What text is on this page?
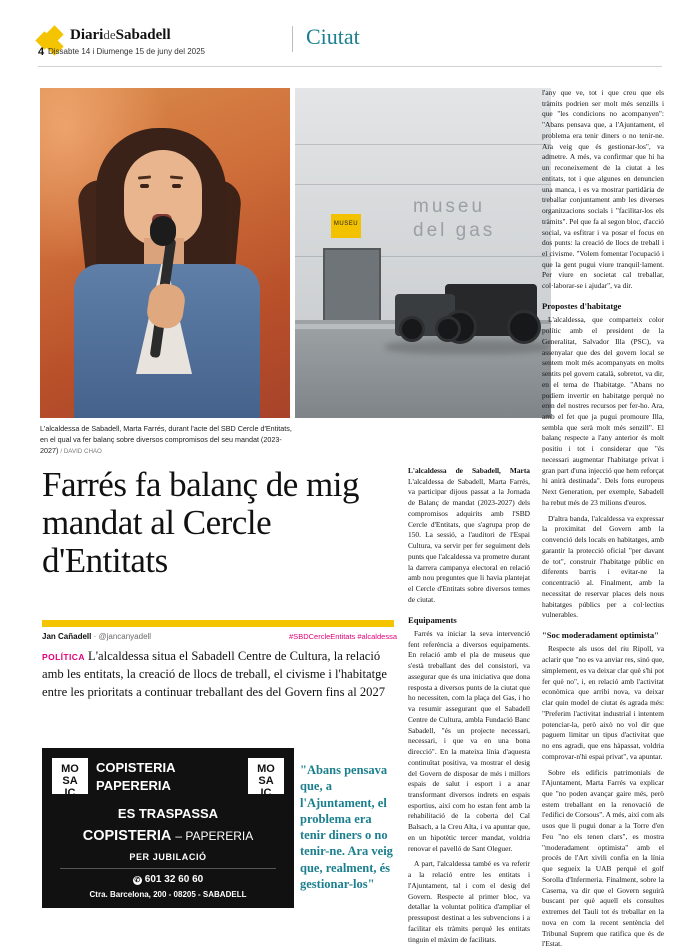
DiarideSabadell
4 Dissabte 14 i Diumenge 15 de juny del 2025
Ciutat
museu
del gas
MUSEU
L'alcaldessa de Sabadell, Marta Farrés, durant l'acte del SBD Cercle d'Entitats, en el qual va fer balanç sobre diversos compromisos del seu mandat (2023-2027) / DAVID CHAO
Farrés fa balanç de mig mandat al Cercle d'Entitats
Jan Cañadell · @jancanyadell	#SBDCercleEntitats #alcaldessa
POLÍTICA L'alcaldessa situa el Sabadell Centre de Cultura, la relació amb les entitats, la creació de llocs de treball, el civisme i l'habitatge entre les prioritats a continuar treballant des del Govern fins al 2027
MO
SA
IC
MO
SA
IC
COPISTERIA
PAPERERIA
ES TRASPASSA
COPISTERIA – PAPERERIA
PER JUBILACIÓ
✆ 601 32 60 60
Ctra. Barcelona, 200 - 08205 - SABADELL
"Abans pensava que, a l'Ajuntament, el problema era tenir diners o no tenir-ne. Ara veig que, realment, és gestionar-los"

L'alcaldessa de Sabadell, Marta L'alcaldessa de Sabadell, Marta Farrés, va participar dijous passat a la Jornada de Balanç de mandat (2023-2027) dels compromisos adquirits amb l'SBD Cercle d'Entitats, que s'agrupa prop de 150. La sessió, a l'auditori de l'Espai Cultura, va servir per fer seguiment dels punts que l'alcaldessa va prometre durant la darrera campanya electoral en relació amb nou preguntes que li havia plantejat el Cercle d'Entitats sobre diversos temes de ciutat.

Equipaments

Farrés va iniciar la seva intervenció fent referència a diversos equipaments. En relació amb el pla de museus que s'està treballant des del consistori, va assegurar que és una iniciativa que dona resposta a diversos punts de la ciutat que ho necessiten, com la plaça del Gas, i ho va resumir assegurant que el Sabadell Centre de Cultura, ambla Fundació Banc Sabadell, "és un projecte necessari, necessari, i que va en una bona direcció". En la mateixa línia d'aquesta continuïtat positiva, va mostrar el desig del Govern de disposar de més i millors espais de salut i esport i a anar transformant diversos indrets en espais esportius, així com ho estan fent amb la rehabilitació de la coberta del Cal Balsach, a la Creu Alta, i va apuntar que, en un hipotètic tercer mandat, voldria renovar el pavelló de Sant Oleguer.

A part, l'alcaldessa també es va referir a la relació entre les entitats i l'Ajuntament, tal i com el desig del Govern. Respecte al primer bloc, va detallar la voluntat política d'ampliar el pressupost destinat a les subvencions i a facilitar els tràmits perquè les entitats tinguin el màxim de facilitats.

l'any que ve, tot i que creu que els tràmits podrien ser molt més senzills i que "les condicions no acompanyen": "Abans pensava que, a l'Ajuntament, el problema era tenir diners o no tenir-ne. Ara veig que és gestionar-los", va admetre. A més, va confirmar que hi ha un reconeixement de la ciutat a les entitats, tot i que algunes en denuncien una manca, i es va mostrar partidària de treballar conjuntament amb les diverses organitzacions socials i "facilitar-los els tràmits". Pel que fa al segon bloc, d'acció social, va esfitrar i va posar el focus en dos punts: la creació de llocs de treball i el civisme. "Volem fomentar l'ocupació i que la gent pugui viure tranquil·lament. Per viure en societat cal treballar, col·laborar-se i ajudar", va dir.

Propostes d'habitatge

L'alcaldessa, que comparteix color polític amb el president de la Generalitat, Salvador Illa (PSC), va assenyalar que des del govern local se sentem molt més acompanyats en molts sentits pel govern català, sobretot, va dir, en el tema de l'habitatge. "Abans no podíem invertir en habitatge perquè no eren del nostres recursos per fer-ho. Ara, amb el fet que ja pugui promoure Illa, sembla que serà molt més senzill". El balanç respecte a l'any anterior és molt positiu i tot i considerar que "és necessari augmentar l'habitatge privat i gran part d'una injecció que hem reforçat hi anirà destinada". Dels fons europeus Next Generation, per exemple, Sabadell ha rebut més de 23 milions d'euros.

D'altra banda, l'alcaldessa va expressar la proximitat del Govern amb la convenció dels locals en habitatges, amb garantir la protecció oficial "per davant de tot", construir l'habitatge públic en diferents barris i evitar-ne la concentració al. Finalment, amb la necessitat de reservar places dels nous habitatges públics per a col·lectius vulnerables.

"Soc moderadament optimista"

Respecte als usos del riu Ripoll, va aclarir que "no es va anviar res, sinó que, simplement, es va deixar clar què s'hi pot fer què no", i, en relació amb l'activitat econòmica que arribi nova, va deixar clar quin model de ciutat és agrada més: "Preferim l'activitat industrial i intentem potenciar-la, però això no vol dir que paguem limitar un tipus d'activitat que no ens agradi, que ens hàpassat, voldria comprovar-n'hi espai privat", va apuntar.

Sobre els edificis patrimonials de l'Ajuntament, Marta Farrés va explicar que "no poden avançar gaire més, però estem treballant en la renovació de l'edifici de Corsous". A més, així com als usos que li pugui donar a la Torre d'en Feu "no els tenen clars", es mostra "moderadament optimista" amb el procés de l'Art xivili confía en la línia que segueix la UAB perquè el golf Sorolla d'Infermeria. Finalment, sobre la Caserna, va dir que el Govern seguirà buscant per què aquell els consultes extremes del Tauli tot és treballar en la nova en com la recent sentència del Tribunal Suprem que ratifica que és de l'Estat.
